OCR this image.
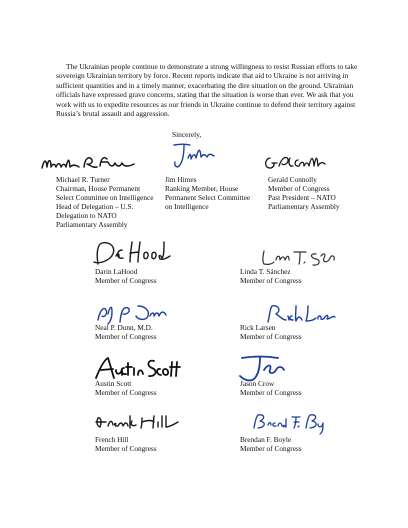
The Ukrainian people continue to demonstrate a strong willingness to resist Russian efforts to take sovereign Ukrainian territory by force. Recent reports indicate that aid to Ukraine is not arriving in sufficient quantities and in a timely manner, exacerbating the dire situation on the ground. Ukrainian officials have expressed grave concerns, stating that the situation is worse than ever. We ask that you work with us to expedite resources as our friends in Ukraine continue to defend their territory against Russia’s brutal assault and aggression.

Sincerely,

Michael R. Turner
Chairman, House Permanent
Select Committee on Intelligence
Head of Delegation – U.S.
Delegation to NATO
Parliamentary Assembly
Jim Himes
Ranking Member, House
Permanent Select Committee
on Intelligence
Gerald Connolly
Member of Congress
Past President – NATO
Parliamentary Assembly
Darin LaHood
Member of Congress
Linda T. Sánchez
Member of Congress
Neal P. Dunn, M.D.
Member of Congress
Rick Larsen
Member of Congress
Austin Scott
Member of Congress
Jason Crow
Member of Congress
French Hill
Member of Congress
Brendan F. Boyle
Member of Congress
